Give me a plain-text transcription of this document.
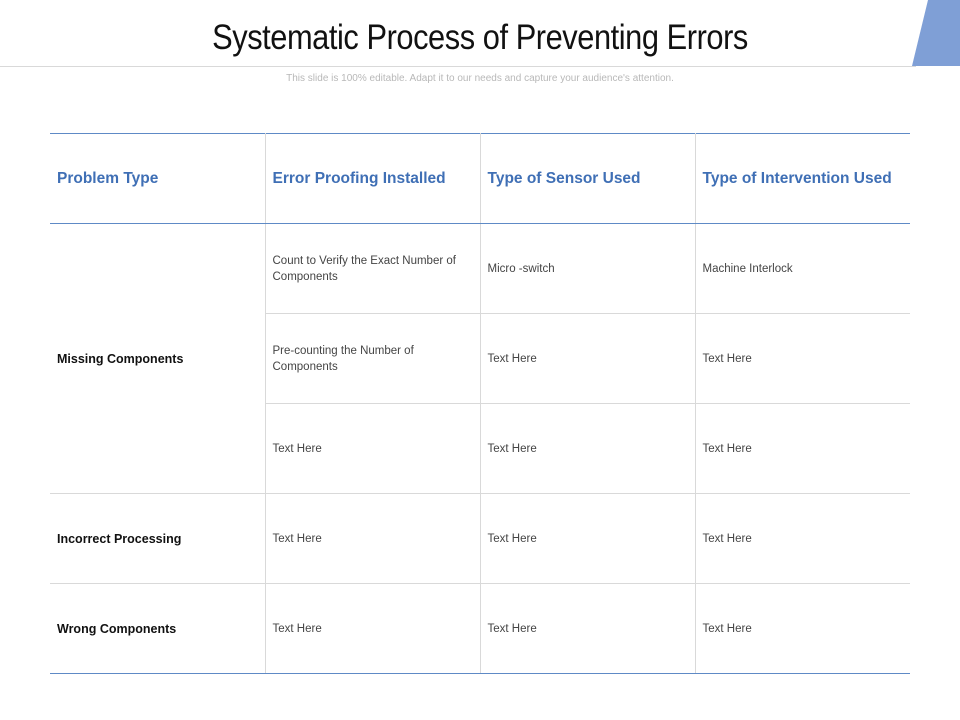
Systematic Process of Preventing Errors

This slide is 100% editable. Adapt it to our needs and capture your audience's attention.

Problem Type	Error Proofing Installed	Type of Sensor Used	Type of Intervention Used
Missing Components	Count to Verify the Exact Number of Components	Micro -switch	Machine Interlock
	Pre-counting the Number of Components	Text Here	Text Here
	Text Here	Text Here	Text Here
Incorrect Processing	Text Here	Text Here	Text Here
Wrong Components	Text Here	Text Here	Text Here
